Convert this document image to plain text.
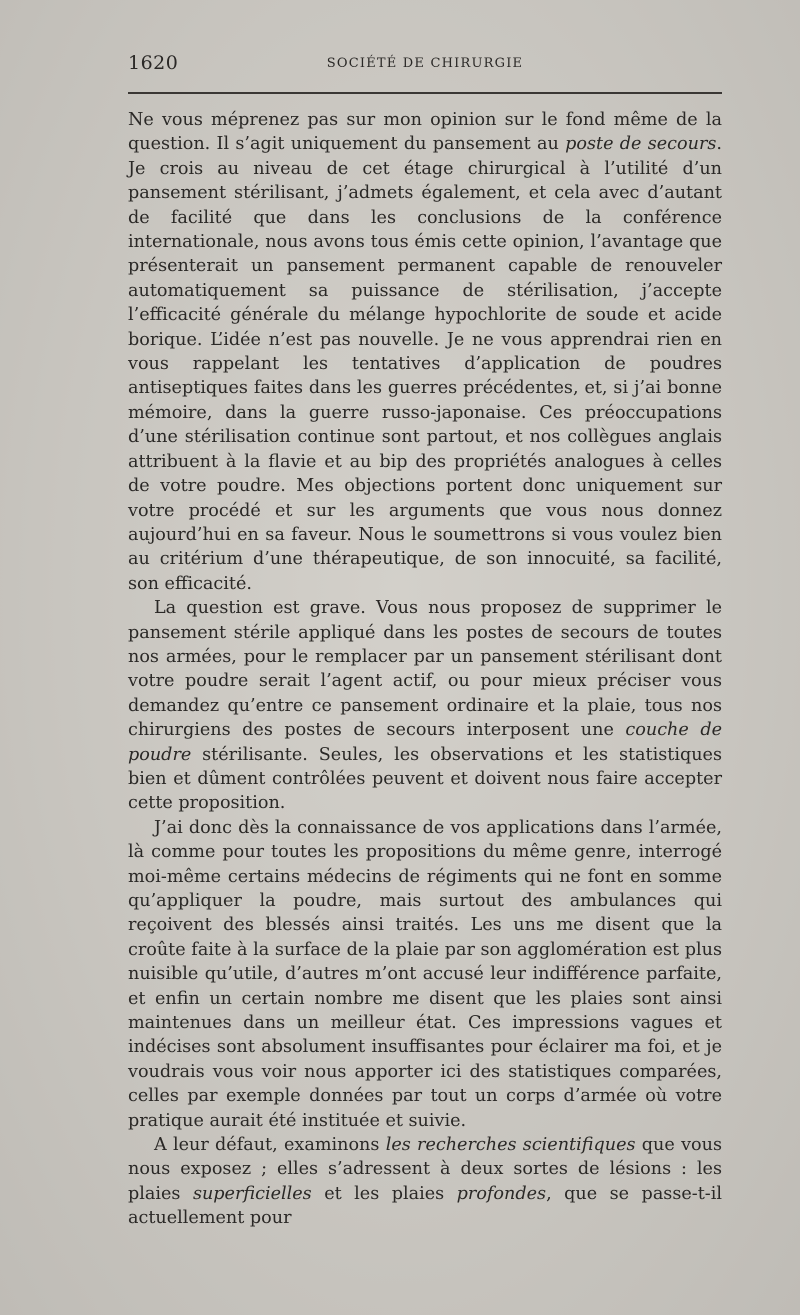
1620	SOCIÉTÉ DE CHIRURGIE

Ne vous méprenez pas sur mon opinion sur le fond même de la question. Il s’agit uniquement du pansement au poste de secours. Je crois au niveau de cet étage chirurgical à l’utilité d’un pansement stérilisant, j’admets également, et cela avec d’autant de facilité que dans les conclusions de la conférence internationale, nous avons tous émis cette opinion, l’avantage que présenterait un pansement permanent capable de renouveler automatiquement sa puissance de stérilisation, j’accepte l’efficacité générale du mélange hypochlorite de soude et acide borique. L’idée n’est pas nouvelle. Je ne vous apprendrai rien en vous rappelant les tentatives d’application de poudres antiseptiques faites dans les guerres précédentes, et, si j’ai bonne mémoire, dans la guerre russo-japonaise. Ces préoccupations d’une stérilisation continue sont partout, et nos collègues anglais attribuent à la flavie et au bip des propriétés analogues à celles de votre poudre. Mes objections portent donc uniquement sur votre procédé et sur les arguments que vous nous donnez aujourd’hui en sa faveur. Nous le soumettrons si vous voulez bien au critérium d’une thérapeutique, de son innocuité, sa facilité, son efficacité.

La question est grave. Vous nous proposez de supprimer le pansement stérile appliqué dans les postes de secours de toutes nos armées, pour le remplacer par un pansement stérilisant dont votre poudre serait l’agent actif, ou pour mieux préciser vous demandez qu’entre ce pansement ordinaire et la plaie, tous nos chirurgiens des postes de secours interposent une couche de poudre stérilisante. Seules, les observations et les statistiques bien et dûment contrôlées peuvent et doivent nous faire accepter cette proposition.

J’ai donc dès la connaissance de vos applications dans l’armée, là comme pour toutes les propositions du même genre, interrogé moi-même certains médecins de régiments qui ne font en somme qu’appliquer la poudre, mais surtout des ambulances qui reçoivent des blessés ainsi traités. Les uns me disent que la croûte faite à la surface de la plaie par son agglomération est plus nuisible qu’utile, d’autres m’ont accusé leur indifférence parfaite, et enfin un certain nombre me disent que les plaies sont ainsi maintenues dans un meilleur état. Ces impressions vagues et indécises sont absolument insuffisantes pour éclairer ma foi, et je voudrais vous voir nous apporter ici des statistiques comparées, celles par exemple données par tout un corps d’armée où votre pratique aurait été instituée et suivie.

A leur défaut, examinons les recherches scientifiques que vous nous exposez ; elles s’adressent à deux sortes de lésions : les plaies superficielles et les plaies profondes, que se passe-t-il actuellement pour
